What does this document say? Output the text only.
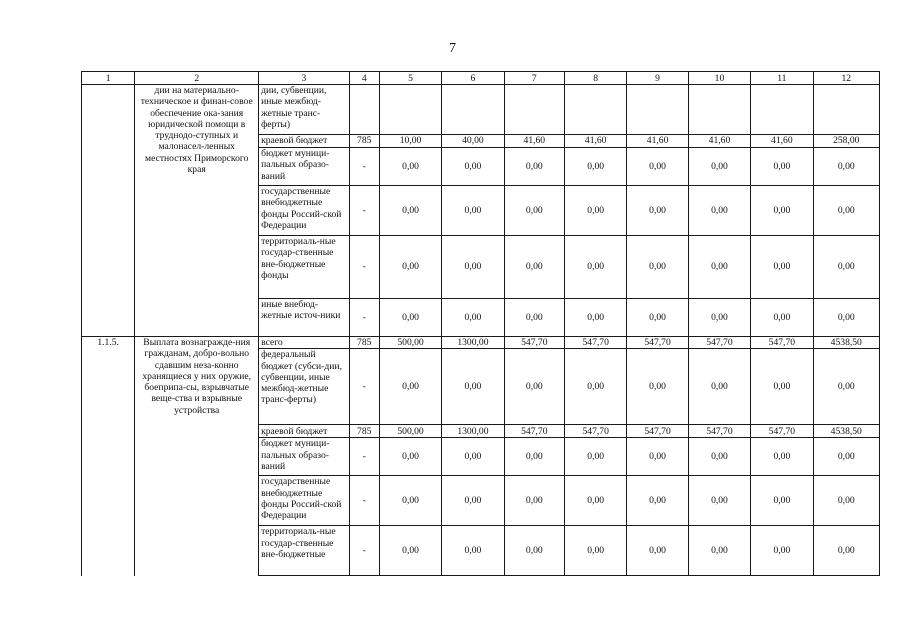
7
1	2	3	4	5	6	7	8	9	10	11	12
	дии на материально-техническое и финан-совое обеспечение ока-зания юридической помощи в труднодо-ступных и малонасел-ленных местностях Приморского края	дии, субвенции, иные межбюд-жетные транс-ферты)									
		краевой бюджет	785	10,00	40,00	41,60	41,60	41,60	41,60	41,60	258,00
		бюджет муници-пальных образо-ваний	-	0,00	0,00	0,00	0,00	0,00	0,00	0,00	0,00
		государственные внебюджетные фонды Россий-ской Федерации	-	0,00	0,00	0,00	0,00	0,00	0,00	0,00	0,00
		территориаль-ные государ-ственные вне-бюджетные фонды	-	0,00	0,00	0,00	0,00	0,00	0,00	0,00	0,00
		иные внебюд-жетные источ-ники	-	0,00	0,00	0,00	0,00	0,00	0,00	0,00	0,00
1.1.5.	Выплата вознагражде-ния гражданам, добро-вольно сдавшим неза-конно хранящиеся у них оружие, боеприпа-сы, взрывчатые веще-ства и взрывные устройства	всего	785	500,00	1300,00	547,70	547,70	547,70	547,70	547,70	4538,50
		федеральный бюджет (субси-дии, субвенции, иные межбюд-жетные транс-ферты)	-	0,00	0,00	0,00	0,00	0,00	0,00	0,00	0,00
		краевой бюджет	785	500,00	1300,00	547,70	547,70	547,70	547,70	547,70	4538,50
		бюджет муници-пальных образо-ваний	-	0,00	0,00	0,00	0,00	0,00	0,00	0,00	0,00
		государственные внебюджетные фонды Россий-ской Федерации	-	0,00	0,00	0,00	0,00	0,00	0,00	0,00	0,00
		территориаль-ные государ-ственные вне-бюджетные	-	0,00	0,00	0,00	0,00	0,00	0,00	0,00	0,00
